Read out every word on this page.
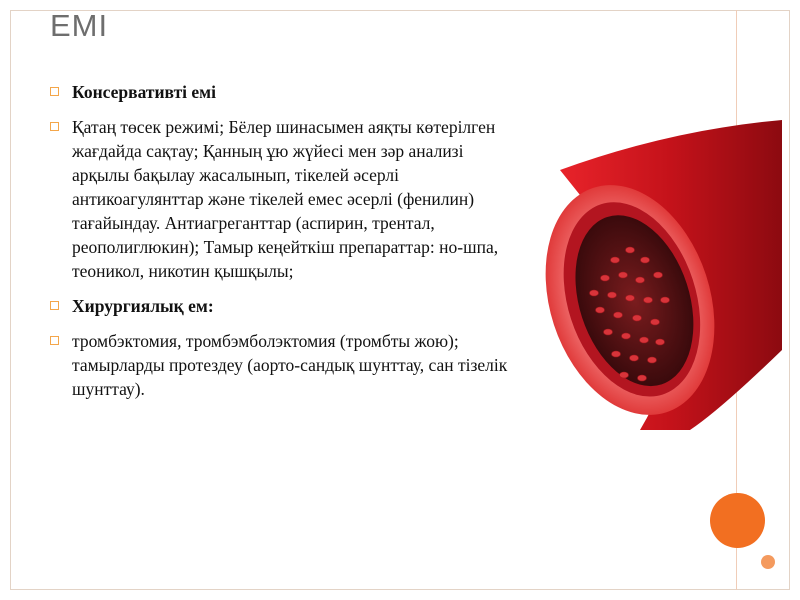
ЕМІ
Консервативті емі
Қатаң төсек режимі; Бёлер шинасымен аяқты көтерілген жағдайда сақтау; Қанның ұю жүйесі мен зәр анализі арқылы бақылау жасалынып, тікелей әсерлі антикоагулянттар және тікелей емес әсерлі (фенилин) тағайындау. Антиагреганттар (аспирин, трентал, реополиглюкин); Тамыр кеңейткіш препараттар: но-шпа, теоникол, никотин қышқылы;
Хирургиялық ем:
тромбэктомия, тромбэмболэктомия (тромбты жою); тамырларды протездеу (аорто-сандық шунттау, сан тізелік шунттау).
